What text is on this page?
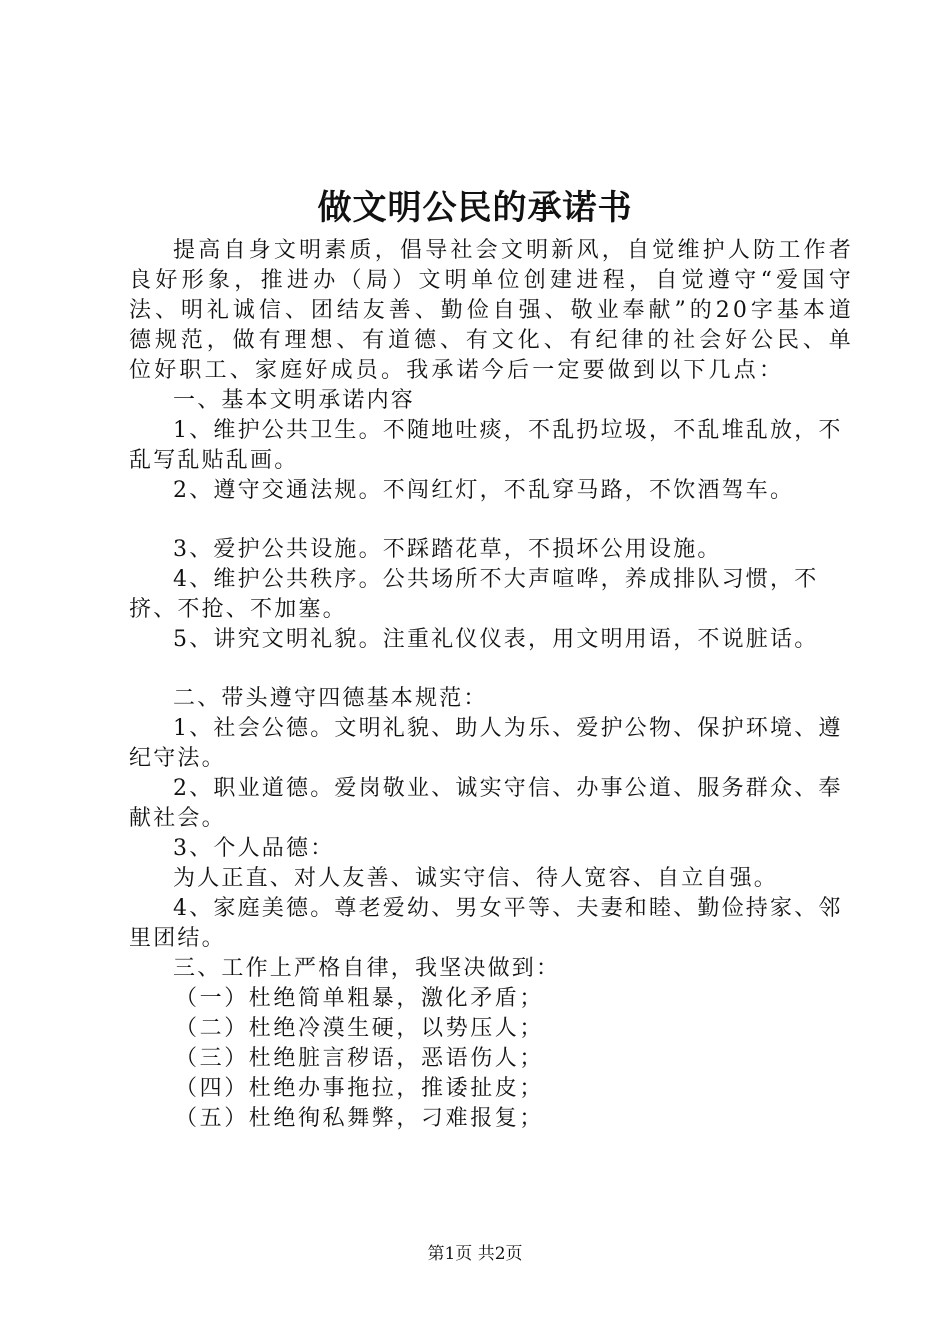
做文明公民的承诺书

提高自身文明素质，倡导社会文明新风，自觉维护人防工作者良好形象，推进办（局）文明单位创建进程，自觉遵守“爱国守法、明礼诚信、团结友善、勤俭自强、敬业奉献”的20字基本道德规范，做有理想、有道德、有文化、有纪律的社会好公民、单位好职工、家庭好成员。我承诺今后一定要做到以下几点：

一、基本文明承诺内容

1、维护公共卫生。不随地吐痰，不乱扔垃圾，不乱堆乱放，不乱写乱贴乱画。

2、遵守交通法规。不闯红灯，不乱穿马路，不饮酒驾车。

3、爱护公共设施。不踩踏花草，不损坏公用设施。

4、维护公共秩序。公共场所不大声喧哗，养成排队习惯，不挤、不抢、不加塞。

5、讲究文明礼貌。注重礼仪仪表，用文明用语，不说脏话。

二、带头遵守四德基本规范：

1、社会公德。文明礼貌、助人为乐、爱护公物、保护环境、遵纪守法。

2、职业道德。爱岗敬业、诚实守信、办事公道、服务群众、奉献社会。

3、个人品德：

为人正直、对人友善、诚实守信、待人宽容、自立自强。

4、家庭美德。尊老爱幼、男女平等、夫妻和睦、勤俭持家、邻里团结。

三、工作上严格自律，我坚决做到：

（一）杜绝简单粗暴，激化矛盾；

（二）杜绝冷漠生硬，以势压人；

（三）杜绝脏言秽语，恶语伤人；

（四）杜绝办事拖拉，推诿扯皮；

（五）杜绝徇私舞弊，刁难报复；

第1页 共2页
